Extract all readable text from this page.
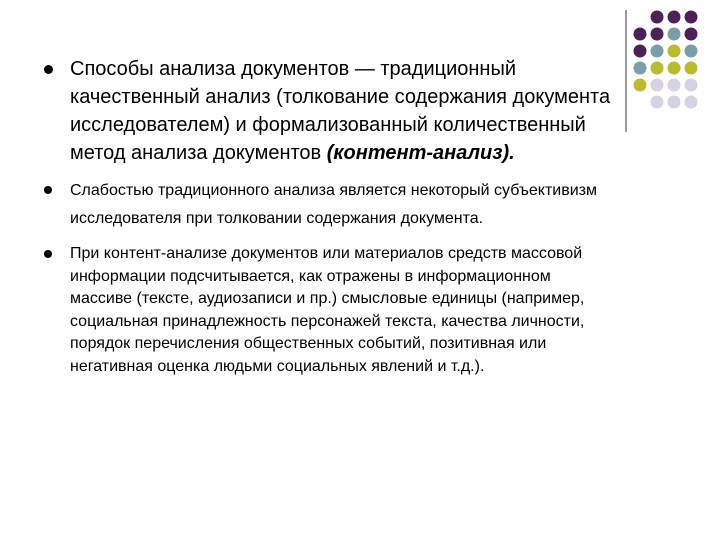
Способы анализа документов — традиционный качественный анализ (толкование содержания документа исследователем) и формализованный количественный метод анализа документов (контент-анализ).
Слабостью традиционного анализа является некоторый субъективизм исследователя при толковании содержания документа.
При контент-анализе документов или материалов средств массовой информации подсчитывается, как отражены в информационном массиве (тексте, аудиозаписи и пр.) смысловые единицы (например, социальная принадлежность персонажей текста, качества личности, порядок перечисления общественных событий, позитивная или негативная оценка людьми социальных явлений и т.д.).
